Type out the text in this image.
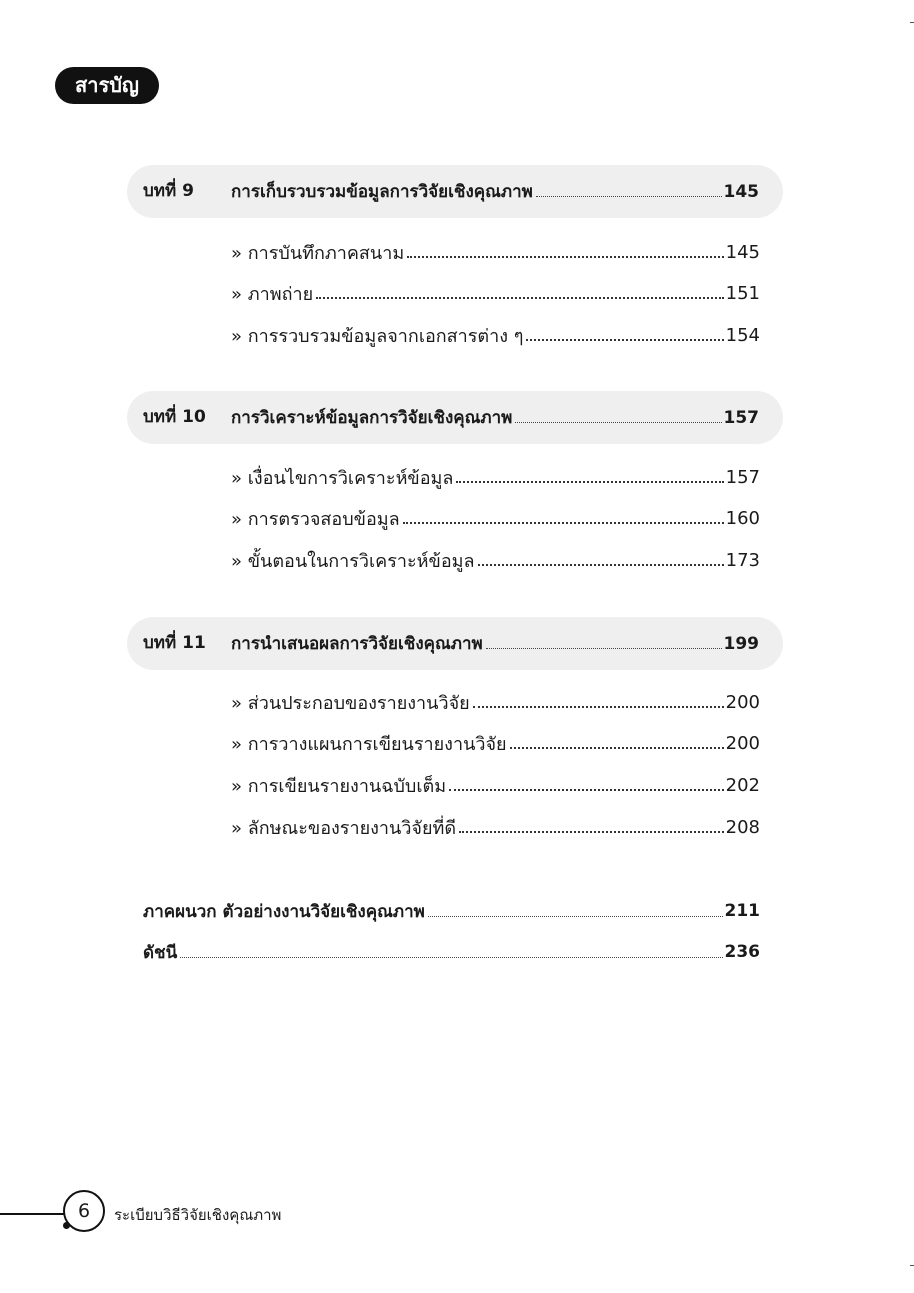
สารบัญ
บทที่ 9 การเก็บรวบรวมข้อมูลการวิจัยเชิงคุณภาพ	145
» การบันทึกภาคสนาม	145
» ภาพถ่าย	151
» การรวบรวมข้อมูลจากเอกสารต่าง ๆ	154
บทที่ 10 การวิเคราะห์ข้อมูลการวิจัยเชิงคุณภาพ	157
» เงื่อนไขการวิเคราะห์ข้อมูล	157
» การตรวจสอบข้อมูล	160
» ขั้นตอนในการวิเคราะห์ข้อมูล	173
บทที่ 11 การนำเสนอผลการวิจัยเชิงคุณภาพ	199
» ส่วนประกอบของรายงานวิจัย	200
» การวางแผนการเขียนรายงานวิจัย	200
» การเขียนรายงานฉบับเต็ม	202
» ลักษณะของรายงานวิจัยที่ดี	208
ภาคผนวก ตัวอย่างงานวิจัยเชิงคุณภาพ	211
ดัชนี	236
6	ระเบียบวิธีวิจัยเชิงคุณภาพ
